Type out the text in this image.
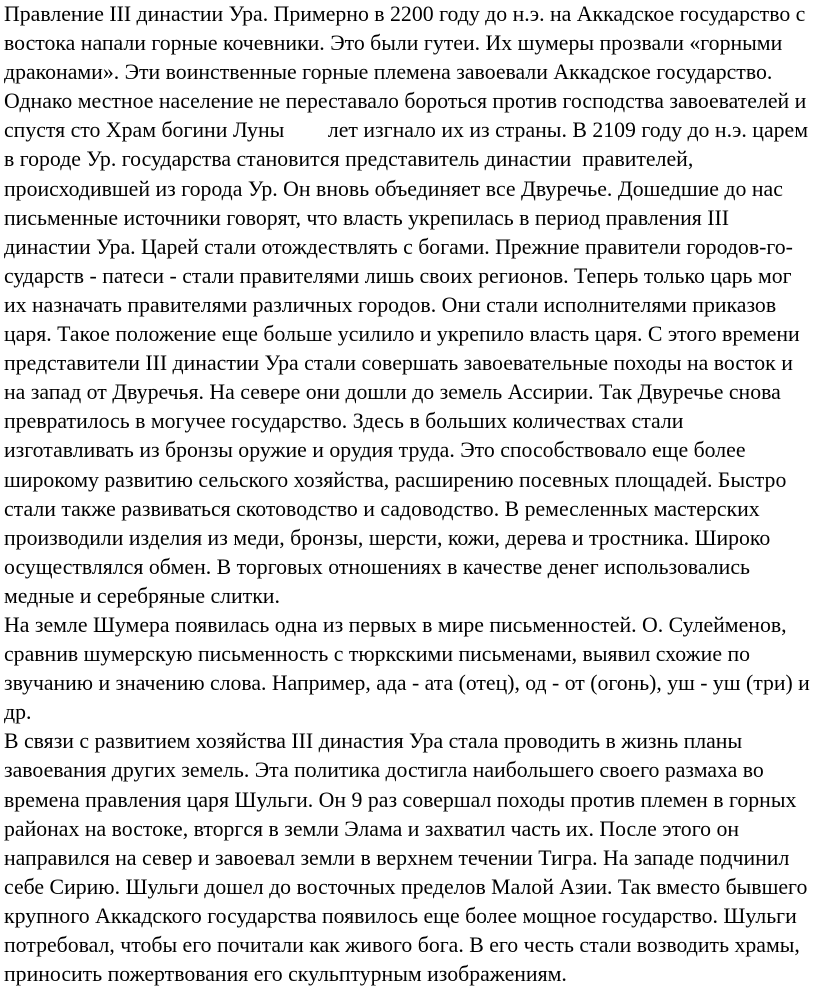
Правление III династии Ура. Примерно в 2200 году до н.э. на Аккадское государство с
востока напали горные кочевники. Это были гутеи. Их шумеры прозвали «горными
драконами». Эти воинственные горные племена завоевали Аккадское государство.
Однако местное население не переставало бороться против господства завоевателей и
спустя сто Храм богини Луны        лет изгнало их из страны. В 2109 году до н.э. царем
в городе Ур. государства становится представитель династии  правителей,
происходившей из города Ур. Он вновь объединяет все Двуречье. Дошедшие до нас
письменные источники говорят, что власть укрепилась в период правления III
династии Ура. Царей стали отождествлять с богами. Прежние правители городов-го-
сударств - патеси - стали правителями лишь своих регионов. Теперь только царь мог
их назначать правителями различных городов. Они стали исполнителями приказов
царя. Такое положение еще больше усилило и укрепило власть царя. С этого времени
представители III династии Ура стали совершать завоевательные походы на восток и
на запад от Двуречья. На севере они дошли до земель Ассирии. Так Двуречье снова
превратилось в могучее государство. Здесь в больших количествах стали
изготавливать из бронзы оружие и орудия труда. Это способствовало еще более
широкому развитию сельского хозяйства, расширению посевных площадей. Быстро
стали также развиваться скотоводство и садоводство. В ремесленных мастерских
производили изделия из меди, бронзы, шерсти, кожи, дерева и тростника. Широко
осуществлялся обмен. В торговых отношениях в качестве денег использовались
медные и серебряные слитки.
На земле Шумера появилась одна из первых в мире письменностей. О. Сулейменов,
сравнив шумерскую письменность с тюркскими письменами, выявил схожие по
звучанию и значению слова. Например, ада - ата (отец), од - от (огонь), уш - уш (три) и
др.
В связи с развитием хозяйства III династия Ура стала проводить в жизнь планы
завоевания других земель. Эта политика достигла наибольшего своего размаха во
времена правления царя Шульги. Он 9 раз совершал походы против племен в горных
районах на востоке, вторгся в земли Элама и захватил часть их. После этого он
направился на север и завоевал земли в верхнем течении Тигра. На западе подчинил
себе Сирию. Шульги дошел до восточных пределов Малой Азии. Так вместо бывшего
крупного Аккадского государства появилось еще более мощное государство. Шульги
потребовал, чтобы его почитали как живого бога. В его честь стали возводить храмы,
приносить пожертвования его скульптурным изображениям.
